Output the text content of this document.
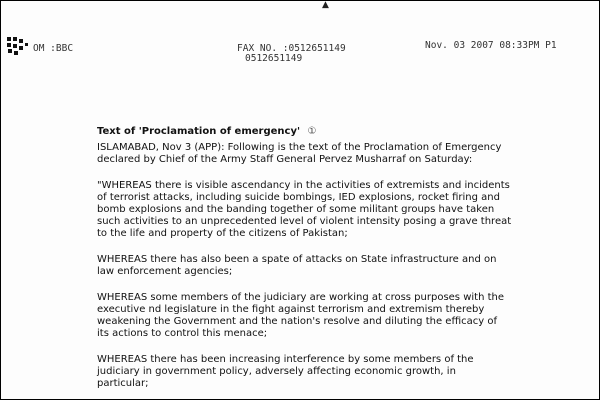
OM :BBC	FAX NO. :0512651149	Nov. 03 2007 08:33PM P1
0512651149
▲
Text of 'Proclamation of emergency' ①

ISLAMABAD, Nov 3 (APP): Following is the text of the Proclamation of Emergency
declared by Chief of the Army Staff General Pervez Musharraf on Saturday:

"WHEREAS there is visible ascendancy in the activities of extremists and incidents
of terrorist attacks, including suicide bombings, IED explosions, rocket firing and
bomb explosions and the banding together of some militant groups have taken
such activities to an unprecedented level of violent intensity posing a grave threat
to the life and property of the citizens of Pakistan;

WHEREAS there has also been a spate of attacks on State infrastructure and on
law enforcement agencies;

WHEREAS some members of the judiciary are working at cross purposes with the
executive nd legislature in the fight against terrorism and extremism thereby
weakening the Government and the nation's resolve and diluting the efficacy of
its actions to control this menace;

WHEREAS there has been increasing interference by some members of the
judiciary in government policy, adversely affecting economic growth, in
particular;
